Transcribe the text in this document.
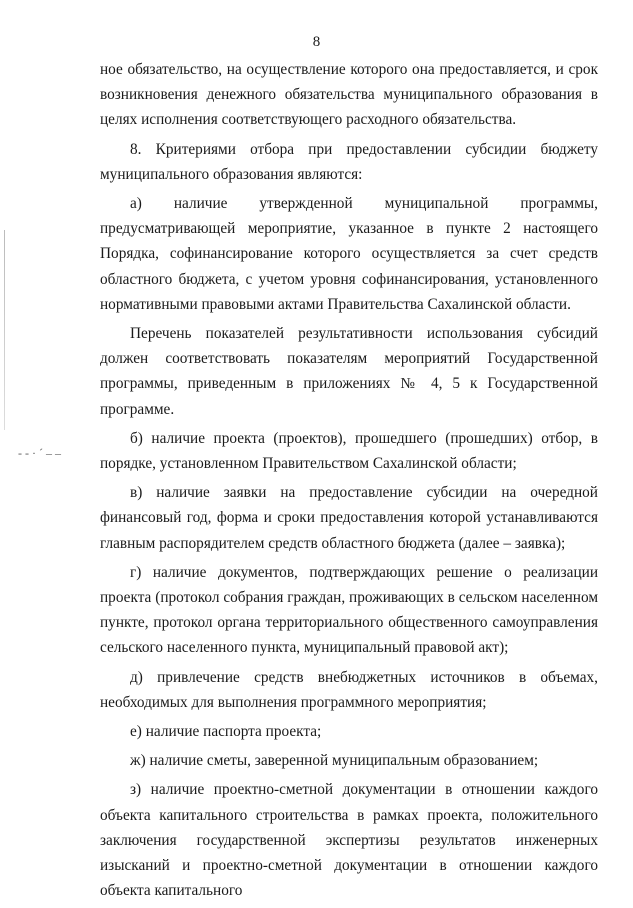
‐ ‑ · ´ ‒ ‒
8

ное обязательство, на осуществление которого она предоставляется, и срок возникновения денежного обязательства муниципального образования в целях исполнения соответствующего расходного обязательства.

8. Критериями отбора при предоставлении субсидии бюджету муниципального образования являются:

а) наличие утвержденной муниципальной программы, предусматривающей мероприятие, указанное в пункте 2 настоящего Порядка, софинансирование которого осуществляется за счет средств областного бюджета, с учетом уровня софинансирования, установленного нормативными правовыми актами Правительства Сахалинской области.

Перечень показателей результативности использования субсидий должен соответствовать показателям мероприятий Государственной программы, приведенным в приложениях № 4, 5 к Государственной программе.

б) наличие проекта (проектов), прошедшего (прошедших) отбор, в порядке, установленном Правительством Сахалинской области;

в) наличие заявки на предоставление субсидии на очередной финансовый год, форма и сроки предоставления которой устанавливаются главным распорядителем средств областного бюджета (далее – заявка);

г) наличие документов, подтверждающих решение о реализации проекта (протокол собрания граждан, проживающих в сельском населенном пункте, протокол органа территориального общественного самоуправления сельского населенного пункта, муниципальный правовой акт);

д) привлечение средств внебюджетных источников в объемах, необходимых для выполнения программного мероприятия;

е) наличие паспорта проекта;

ж) наличие сметы, заверенной муниципальным образованием;

з) наличие проектно-сметной документации в отношении каждого объекта капитального строительства в рамках проекта, положительного заключения государственной экспертизы результатов инженерных изысканий и проектно-сметной документации в отношении каждого объекта капитального
